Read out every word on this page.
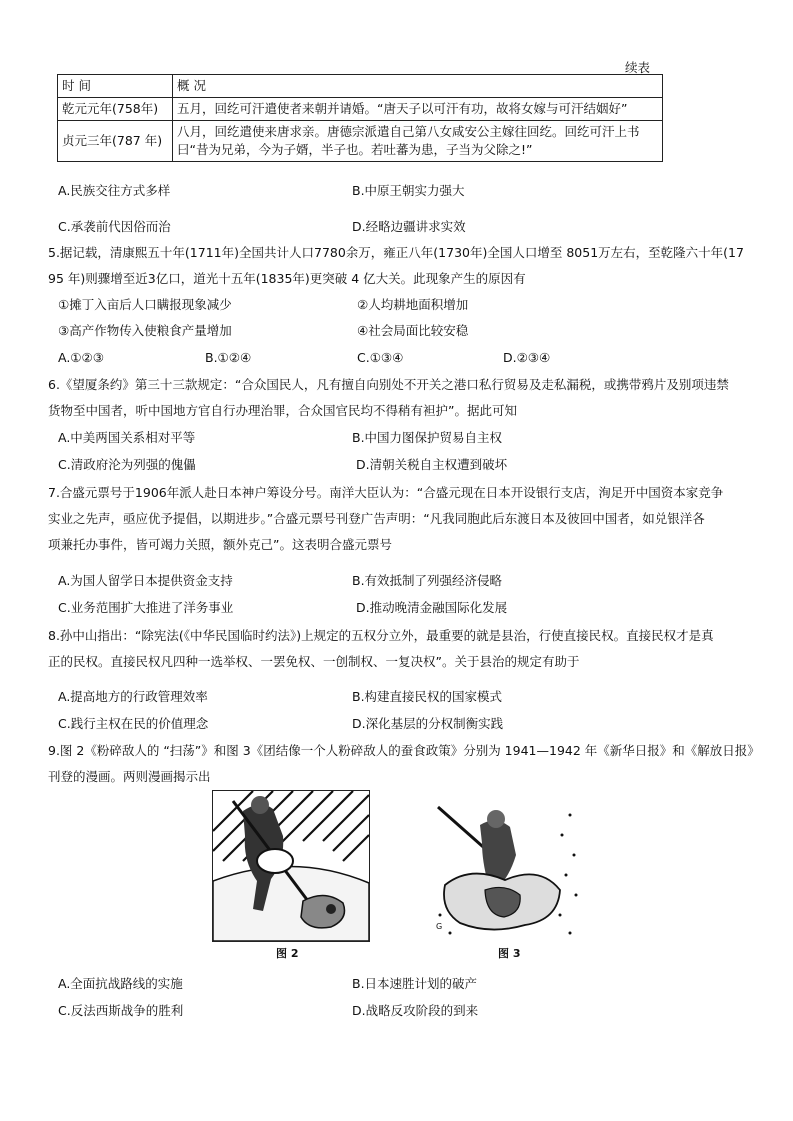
续表
时 间	概 况
乾元元年(758年)	五月，回纥可汗遣使者来朝并请婚。“唐天子以可汗有功，故将女嫁与可汗结姻好”
贞元三年(787 年)	八月，回纥遣使来唐求亲。唐德宗派遣自己第八女咸安公主嫁往回纥。回纥可汗上书曰“昔为兄弟，今为子婿，半子也。若吐蕃为患，子当为父除之!”
A.民族交往方式多样	B.中原王朝实力强大
C.承袭前代因俗而治	D.经略边疆讲求实效
5.据记载，清康熙五十年(1711年)全国共计人口7780余万，雍正八年(1730年)全国人口增至 8051万左右，至乾隆六十年(17
95 年)则骤增至近3亿口，道光十五年(1835年)更突破 4 亿大关。此现象产生的原因有
①摊丁入亩后人口瞒报现象减少	②人均耕地面积增加
③高产作物传入使粮食产量增加	④社会局面比较安稳
A.①②③	B.①②④	C.①③④	D.②③④
6.《望厦条约》第三十三款规定：“合众国民人，凡有擅自向别处不开关之港口私行贸易及走私漏税，或携带鸦片及别项违禁
货物至中国者，听中国地方官自行办理治罪，合众国官民均不得稍有袒护”。据此可知
A.中美两国关系相对平等	B.中国力图保护贸易自主权
C.清政府沦为列强的傀儡	D.清朝关税自主权遭到破坏
7.合盛元票号于1906年派人赴日本神户筹设分号。南洋大臣认为：“合盛元现在日本开设银行支店，洵足开中国资本家竞争
实业之先声，亟应优予提倡，以期进步。”合盛元票号刊登广告声明：“凡我同胞此后东渡日本及彼回中国者，如兑银洋各
项兼托办事件，皆可竭力关照，额外克己”。这表明合盛元票号
A.为国人留学日本提供资金支持	B.有效抵制了列强经济侵略
C.业务范围扩大推进了洋务事业	D.推动晚清金融国际化发展
8.孙中山指出：“除宪法(《中华民国临时约法》)上规定的五权分立外，最重要的就是县治，行使直接民权。直接民权才是真
正的民权。直接民权凡四种一选举权、一罢免权、一创制权、一复决权”。关于县治的规定有助于
A.提高地方的行政管理效率	B.构建直接民权的国家模式
C.践行主权在民的价值理念	D.深化基层的分权制衡实践
9.图 2《粉碎敌人的 “扫荡”》和图 3《团结像一个人粉碎敌人的蚕食政策》分别为 1941—1942 年《新华日报》和《解放日报》
刊登的漫画。两则漫画揭示出
图 2
G
图 3
A.全面抗战路线的实施	B.日本速胜计划的破产
C.反法西斯战争的胜利	D.战略反攻阶段的到来
